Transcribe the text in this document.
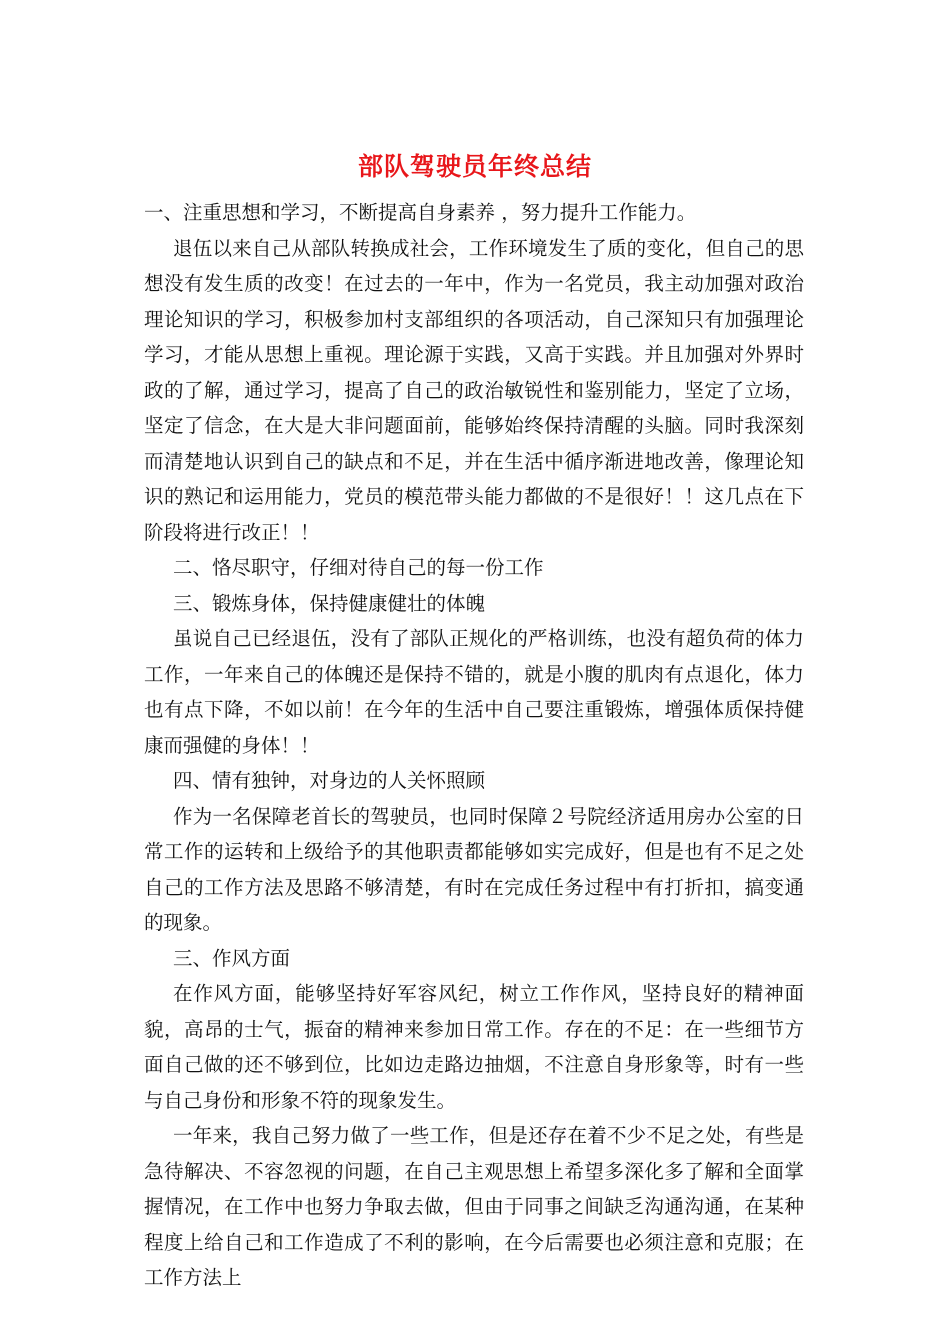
部队驾驶员年终总结

一、注重思想和学习，不断提高自身素养 ，努力提升工作能力。

退伍以来自己从部队转换成社会，工作环境发生了质的变化，但自己的思想没有发生质的改变！在过去的一年中，作为一名党员，我主动加强对政治理论知识的学习，积极参加村支部组织的各项活动，自己深知只有加强理论学习，才能从思想上重视。理论源于实践，又高于实践。并且加强对外界时政的了解，通过学习，提高了自己的政治敏锐性和鉴别能力，坚定了立场，坚定了信念，在大是大非问题面前，能够始终保持清醒的头脑。同时我深刻而清楚地认识到自己的缺点和不足，并在生活中循序渐进地改善，像理论知识的熟记和运用能力，党员的模范带头能力都做的不是很好！！这几点在下阶段将进行改正！！

二、恪尽职守，仔细对待自己的每一份工作

三、锻炼身体，保持健康健壮的体魄

虽说自己已经退伍，没有了部队正规化的严格训练，也没有超负荷的体力工作，一年来自己的体魄还是保持不错的，就是小腹的肌肉有点退化，体力也有点下降，不如以前！在今年的生活中自己要注重锻炼，增强体质保持健康而强健的身体！！

四、情有独钟，对身边的人关怀照顾

作为一名保障老首长的驾驶员，也同时保障２号院经济适用房办公室的日常工作的运转和上级给予的其他职责都能够如实完成好，但是也有不足之处自己的工作方法及思路不够清楚，有时在完成任务过程中有打折扣，搞变通的现象。

三、作风方面

在作风方面，能够坚持好军容风纪，树立工作作风，坚持良好的精神面貌，高昂的士气，振奋的精神来参加日常工作。存在的不足：在一些细节方面自己做的还不够到位，比如边走路边抽烟，不注意自身形象等，时有一些与自己身份和形象不符的现象发生。

一年来，我自己努力做了一些工作，但是还存在着不少不足之处，有些是急待解决、不容忽视的问题，在自己主观思想上希望多深化多了解和全面掌握情况，在工作中也努力争取去做，但由于同事之间缺乏沟通沟通，在某种程度上给自己和工作造成了不利的影响，在今后需要也必须注意和克服；在工作方法上
